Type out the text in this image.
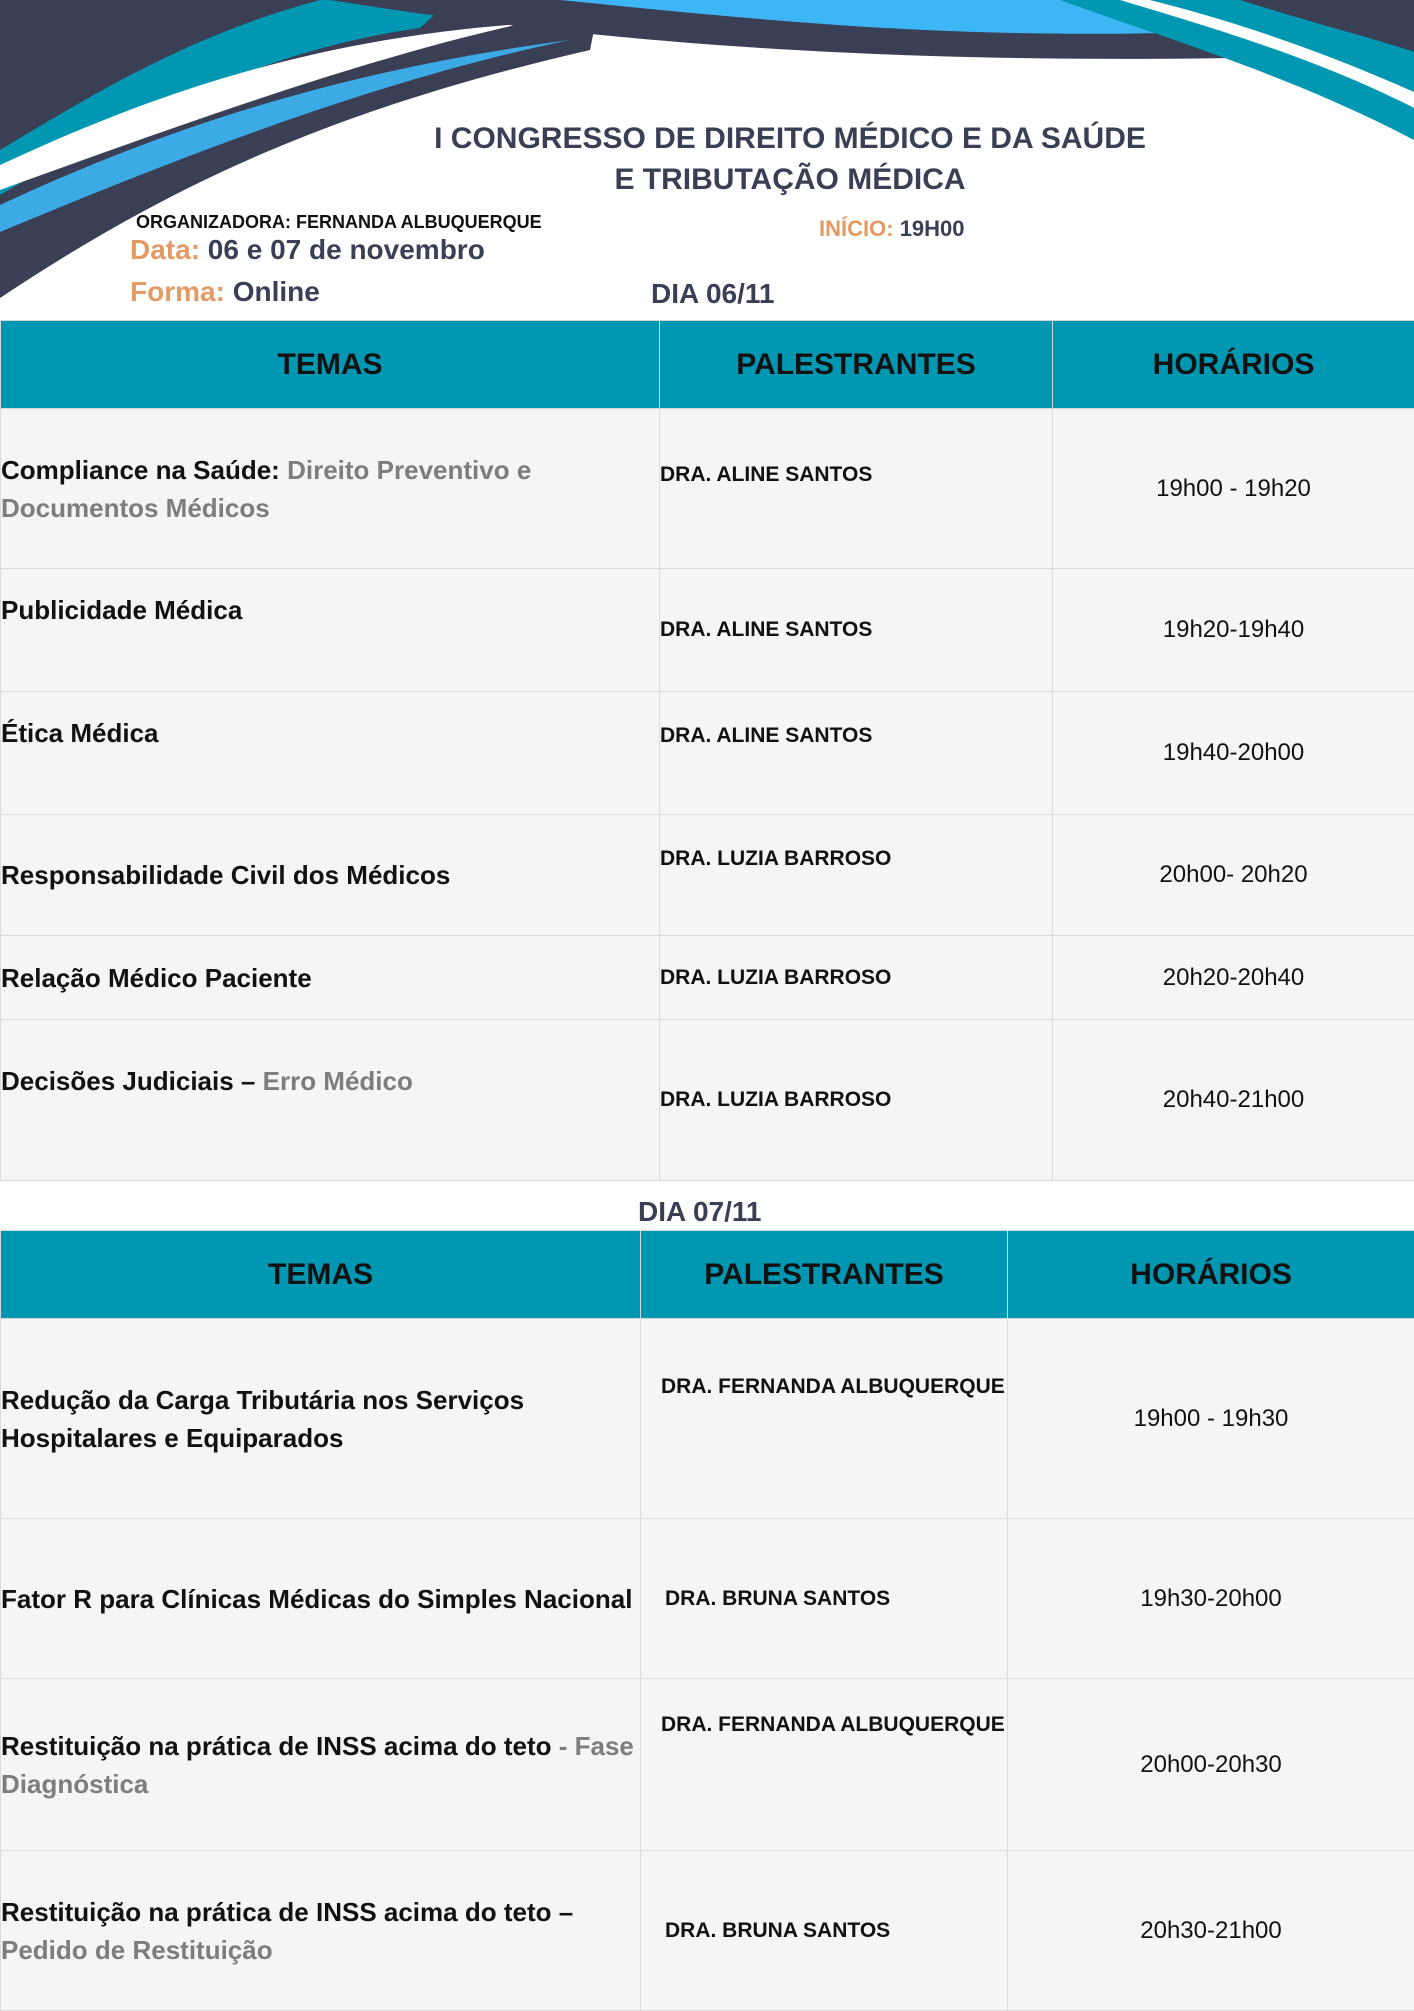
I CONGRESSO DE DIREITO MÉDICO E DA SAÚDE
E TRIBUTAÇÃO MÉDICA
ORGANIZADORA: FERNANDA ALBUQUERQUE
Data: 06 e 07 de novembro
Forma: Online
INÍCIO: 19H00
DIA 06/11
TEMAS	PALESTRANTES	HORÁRIOS
Compliance na Saúde: Direito Preventivo e Documentos Médicos	DRA. ALINE SANTOS	19h00 - 19h20
Publicidade Médica	DRA. ALINE SANTOS	19h20-19h40
Ética Médica	DRA. ALINE SANTOS	19h40-20h00
Responsabilidade Civil dos Médicos	DRA. LUZIA BARROSO	20h00- 20h20
Relação Médico Paciente	DRA. LUZIA BARROSO	20h20-20h40
Decisões Judiciais – Erro Médico	DRA. LUZIA BARROSO	20h40-21h00
DIA 07/11
TEMAS	PALESTRANTES	HORÁRIOS
Redução da Carga Tributária nos Serviços Hospitalares e Equiparados	DRA. FERNANDA ALBUQUERQUE	19h00 - 19h30
Fator R para Clínicas Médicas do Simples Nacional	DRA. BRUNA SANTOS	19h30-20h00
Restituição na prática de INSS acima do teto - Fase Diagnóstica	DRA. FERNANDA ALBUQUERQUE	20h00-20h30
Restituição na prática de INSS acima do teto – Pedido de Restituição	DRA. BRUNA SANTOS	20h30-21h00
